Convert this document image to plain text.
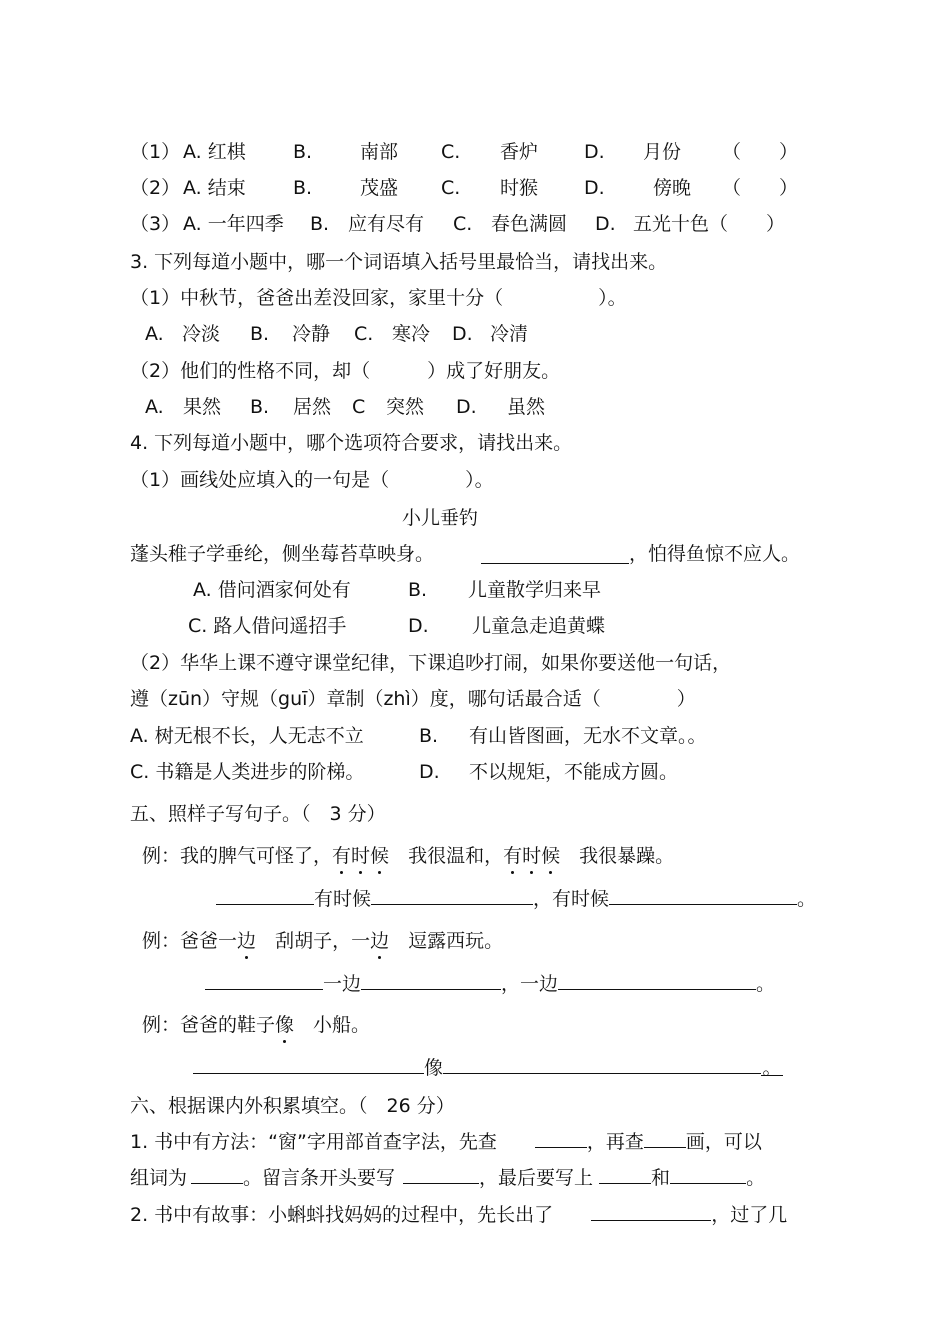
（1） A. 红棋 B.	南部 C. 香炉 D. 月份 （　　）
（2） A. 结束 B.	茂盛 C. 时猴 D.	傍晚 （　　）
（3） A. 一年四季 B. 应有尽有 C. 春色满圆 D. 五光十色（　　）
3. 下列每道小题中，哪一个词语填入括号里最恰当，请找出来。
（1）中秋节，爸爸出差没回家，家里十分（　　　　　）。
A. 冷淡 B. 冷静 C. 寒冷 D. 冷清
（2）他们的性格不同，却（　　　）成了好朋友。
A. 果然 B. 居然 C 突然 D. 虽然
4. 下列每道小题中，哪个选项符合要求，请找出来。
（1）画线处应填入的一句是（　　　　）。
小儿垂钓
蓬头稚子学垂纶，侧坐莓苔草映身。	，怕得鱼惊不应人。
A. 借问酒家何处有	B. 儿童散学归来早
C. 路人借问遥招手	D. 儿童急走追黄蝶
（2）华华上课不遵守课堂纪律，下课追吵打闹，如果你要送他一句话，
遵（zūn）守规（guī）章制（zhì）度，哪句话最合适（　　　　）
A. 树无根不长，人无志不立	B. 有山皆图画，无水不文章。。
C. 书籍是人类进步的阶梯。	D. 不以规矩，不能成方圆。
五、照样子写句子。（　3 分）
例：我的脾气可怪了，有时候　 我很温和，有时候　 我很暴躁。
有时候	，有时候	。
例：爸爸一边　 刮胡子，一边　 逗露西玩。
一边	，一边	。
例：爸爸的鞋子像　 小船。
像	。
六、根据课内外积累填空。（　26 分）
1. 书中有方法：“窗”字用部首查字法，先查　　	，再查 画，可以
组词为	。留言条开头要写	，最后要写上	和	。
2. 书中有故事：小蝌蚪找妈妈的过程中，先长出了　　	，过了几
